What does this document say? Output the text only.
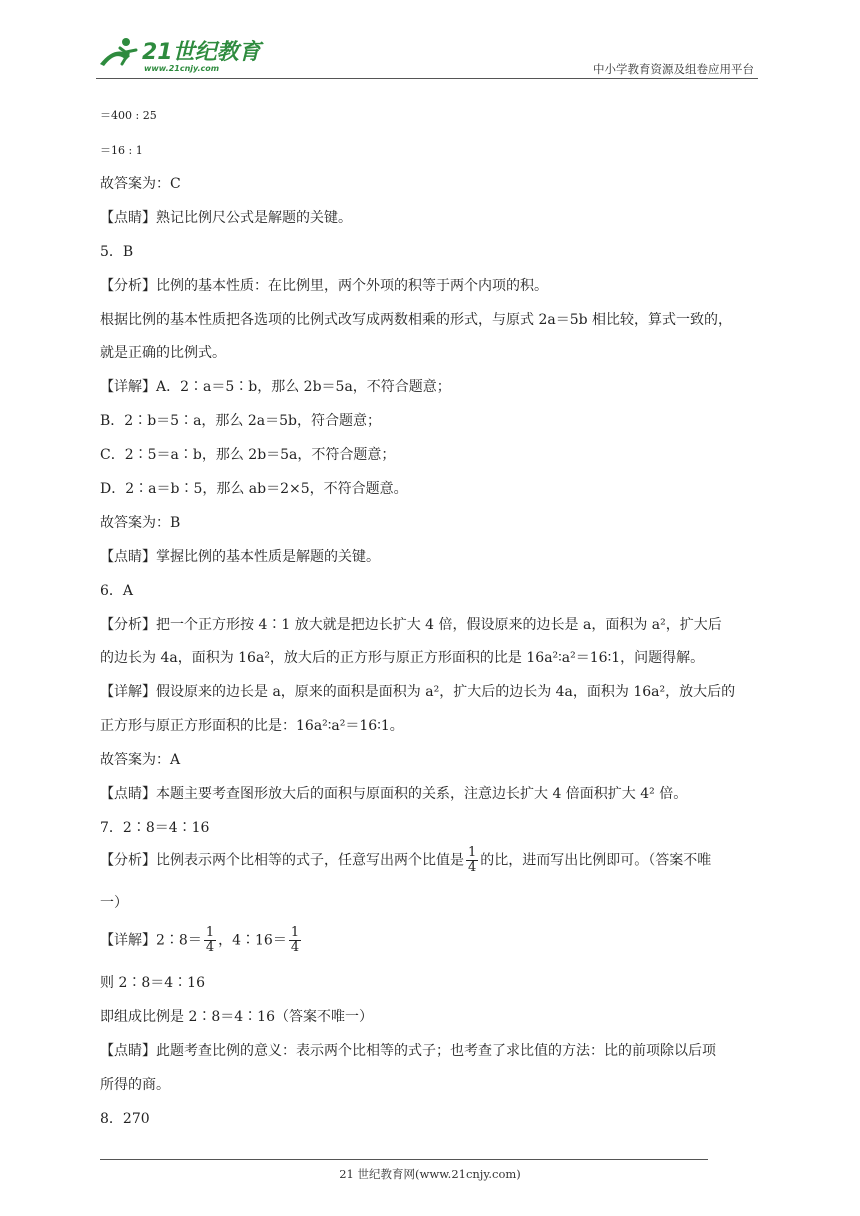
21世纪教育
www.21cnjy.com	中小学教育资源及组卷应用平台
＝400 : 25
＝16 : 1
故答案为：C
【点睛】熟记比例尺公式是解题的关键。
5．B
【分析】比例的基本性质：在比例里，两个外项的积等于两个内项的积。
根据比例的基本性质把各选项的比例式改写成两数相乘的形式，与原式 2a＝5b 相比较，算式一致的，
就是正确的比例式。
【详解】A．2∶a＝5∶b，那么 2b＝5a，不符合题意；
B．2∶b＝5∶a，那么 2a＝5b，符合题意；
C．2∶5＝a∶b，那么 2b＝5a，不符合题意；
D．2∶a＝b∶5，那么 ab＝2×5，不符合题意。
故答案为：B
【点睛】掌握比例的基本性质是解题的关键。
6．A
【分析】把一个正方形按 4∶1 放大就是把边长扩大 4 倍，假设原来的边长是 a，面积为 a²，扩大后
的边长为 4a，面积为 16a²，放大后的正方形与原正方形面积的比是 16a²∶a²＝16∶1，问题得解。
【详解】假设原来的边长是 a，原来的面积是面积为 a²，扩大后的边长为 4a，面积为 16a²，放大后的
正方形与原正方形面积的比是：16a²∶a²＝16∶1。
故答案为：A
【点睛】本题主要考查图形放大后的面积与原面积的关系，注意边长扩大 4 倍面积扩大 4² 倍。
7．2∶8＝4∶16
【分析】比例表示两个比相等的式子，任意写出两个比值是 $\frac{1}{4}$ 的比，进而写出比例即可。（答案不唯
一）
【详解】2∶8＝ $\frac{1}{4}$ ，4∶16＝ $\frac{1}{4}$
则 2∶8＝4∶16
即组成比例是 2∶8＝4∶16（答案不唯一）
【点睛】此题考查比例的意义：表示两个比相等的式子；也考查了求比值的方法：比的前项除以后项
所得的商。
8．270
21 世纪教育网(www.21cnjy.com)
